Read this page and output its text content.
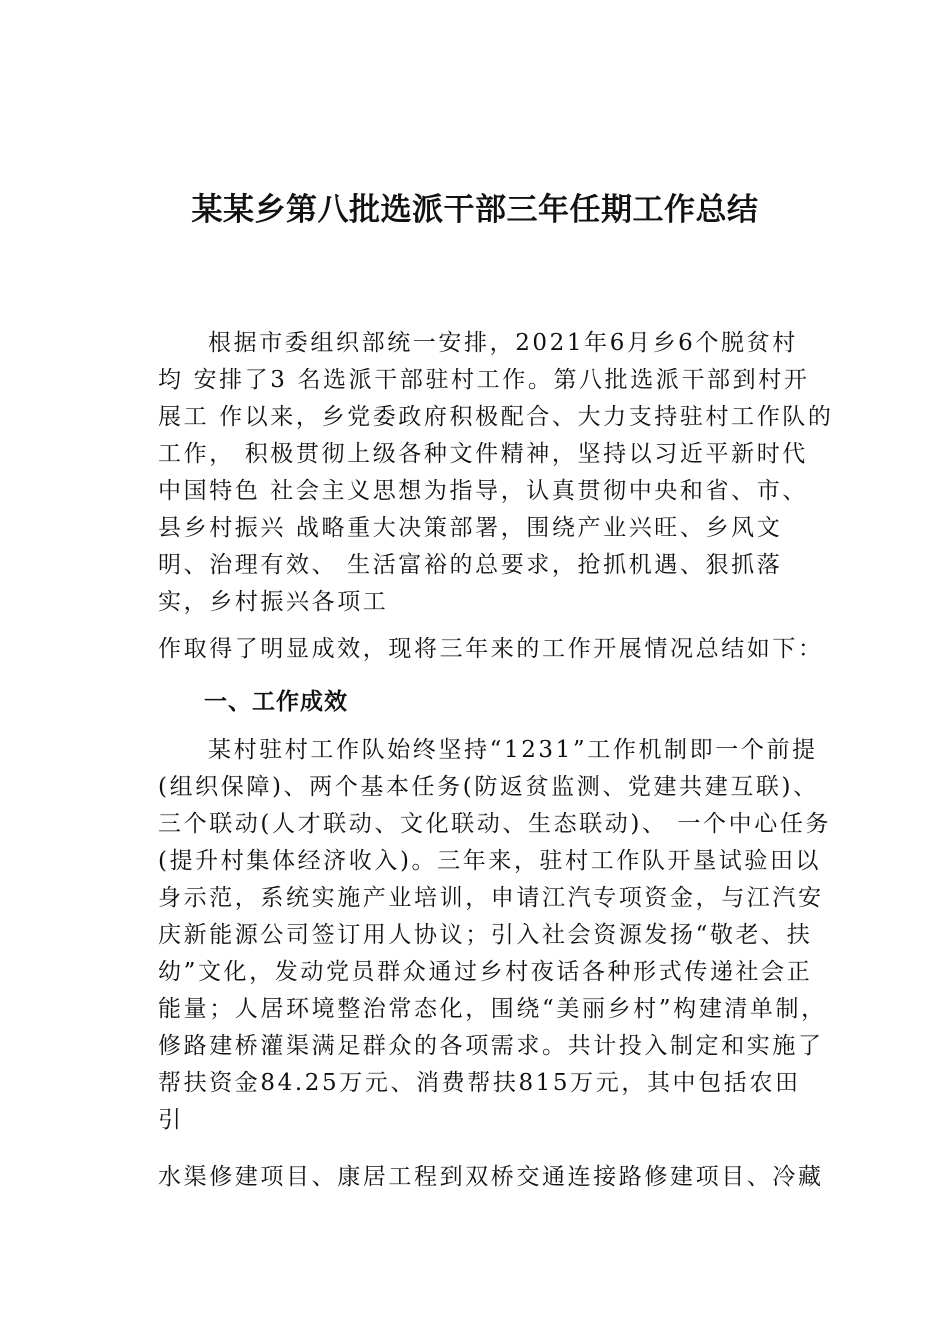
某某乡第八批选派干部三年任期工作总结
根据市委组织部统一安排，2021年6月乡6个脱贫村
均 安排了3 名选派干部驻村工作。第八批选派干部到村开
展工 作以来，乡党委政府积极配合、大力支持驻村工作队的
工作， 积极贯彻上级各种文件精神，坚持以习近平新时代
中国特色 社会主义思想为指导，认真贯彻中央和省、市、
县乡村振兴 战略重大决策部署，围绕产业兴旺、乡风文
明、治理有效、 生活富裕的总要求，抢抓机遇、狠抓落
实，乡村振兴各项工
作取得了明显成效，现将三年来的工作开展情况总结如下：
一、工作成效
某村驻村工作队始终坚持“1231”工作机制即一个前提
(组织保障)、两个基本任务(防返贫监测、党建共建互联)、
三个联动(人才联动、文化联动、生态联动)、 一个中心任务
(提升村集体经济收入)。三年来，驻村工作队开垦试验田以
身示范，系统实施产业培训，申请江汽专项资金，与江汽安
庆新能源公司签订用人协议；引入社会资源发扬“敬老、扶
幼”文化，发动党员群众通过乡村夜话各种形式传递社会正
能量；人居环境整治常态化，围绕“美丽乡村”构建清单制，
修路建桥灌渠满足群众的各项需求。共计投入制定和实施了
帮扶资金84.25万元、消费帮扶815万元，其中包括农田
引
水渠修建项目、康居工程到双桥交通连接路修建项目、冷藏
